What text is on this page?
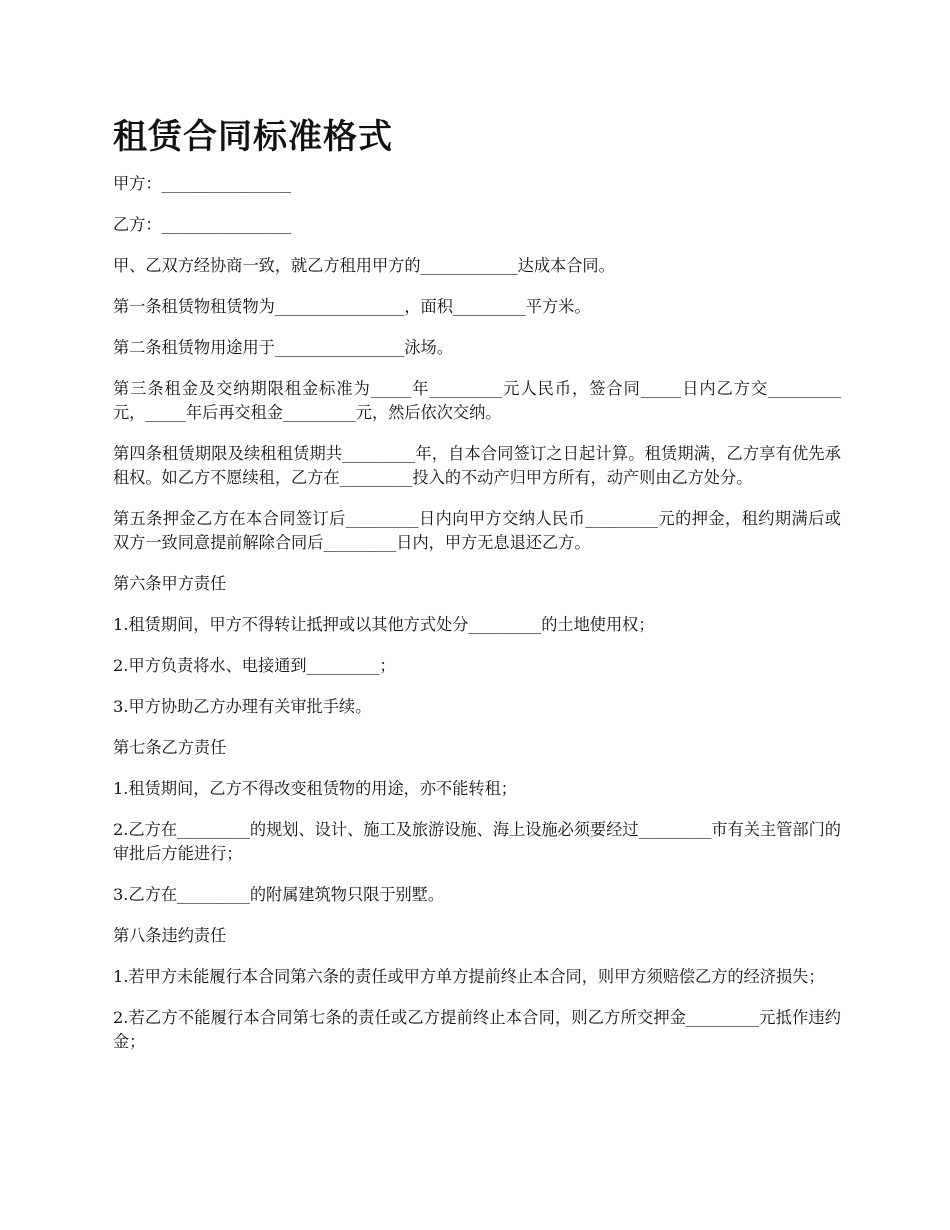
租赁合同标准格式

甲方：________________

乙方：________________

甲、乙双方经协商一致，就乙方租用甲方的____________达成本合同。

第一条租赁物租赁物为________________，面积_________平方米。

第二条租赁物用途用于________________泳场。

第三条租金及交纳期限租金标准为_____年_________元人民币，签合同_____日内乙方交_________元，_____年后再交租金_________元，然后依次交纳。

第四条租赁期限及续租租赁期共_________年，自本合同签订之日起计算。租赁期满，乙方享有优先承租权。如乙方不愿续租，乙方在_________投入的不动产归甲方所有，动产则由乙方处分。

第五条押金乙方在本合同签订后_________日内向甲方交纳人民币_________元的押金，租约期满后或双方一致同意提前解除合同后_________日内，甲方无息退还乙方。

第六条甲方责任

1.租赁期间，甲方不得转让抵押或以其他方式处分_________的土地使用权；

2.甲方负责将水、电接通到_________；

3.甲方协助乙方办理有关审批手续。

第七条乙方责任

1.租赁期间，乙方不得改变租赁物的用途，亦不能转租；

2.乙方在_________的规划、设计、施工及旅游设施、海上设施必须要经过_________市有关主管部门的审批后方能进行；

3.乙方在_________的附属建筑物只限于别墅。

第八条违约责任

1.若甲方未能履行本合同第六条的责任或甲方单方提前终止本合同，则甲方须赔偿乙方的经济损失；

2.若乙方不能履行本合同第七条的责任或乙方提前终止本合同，则乙方所交押金_________元抵作违约金；
